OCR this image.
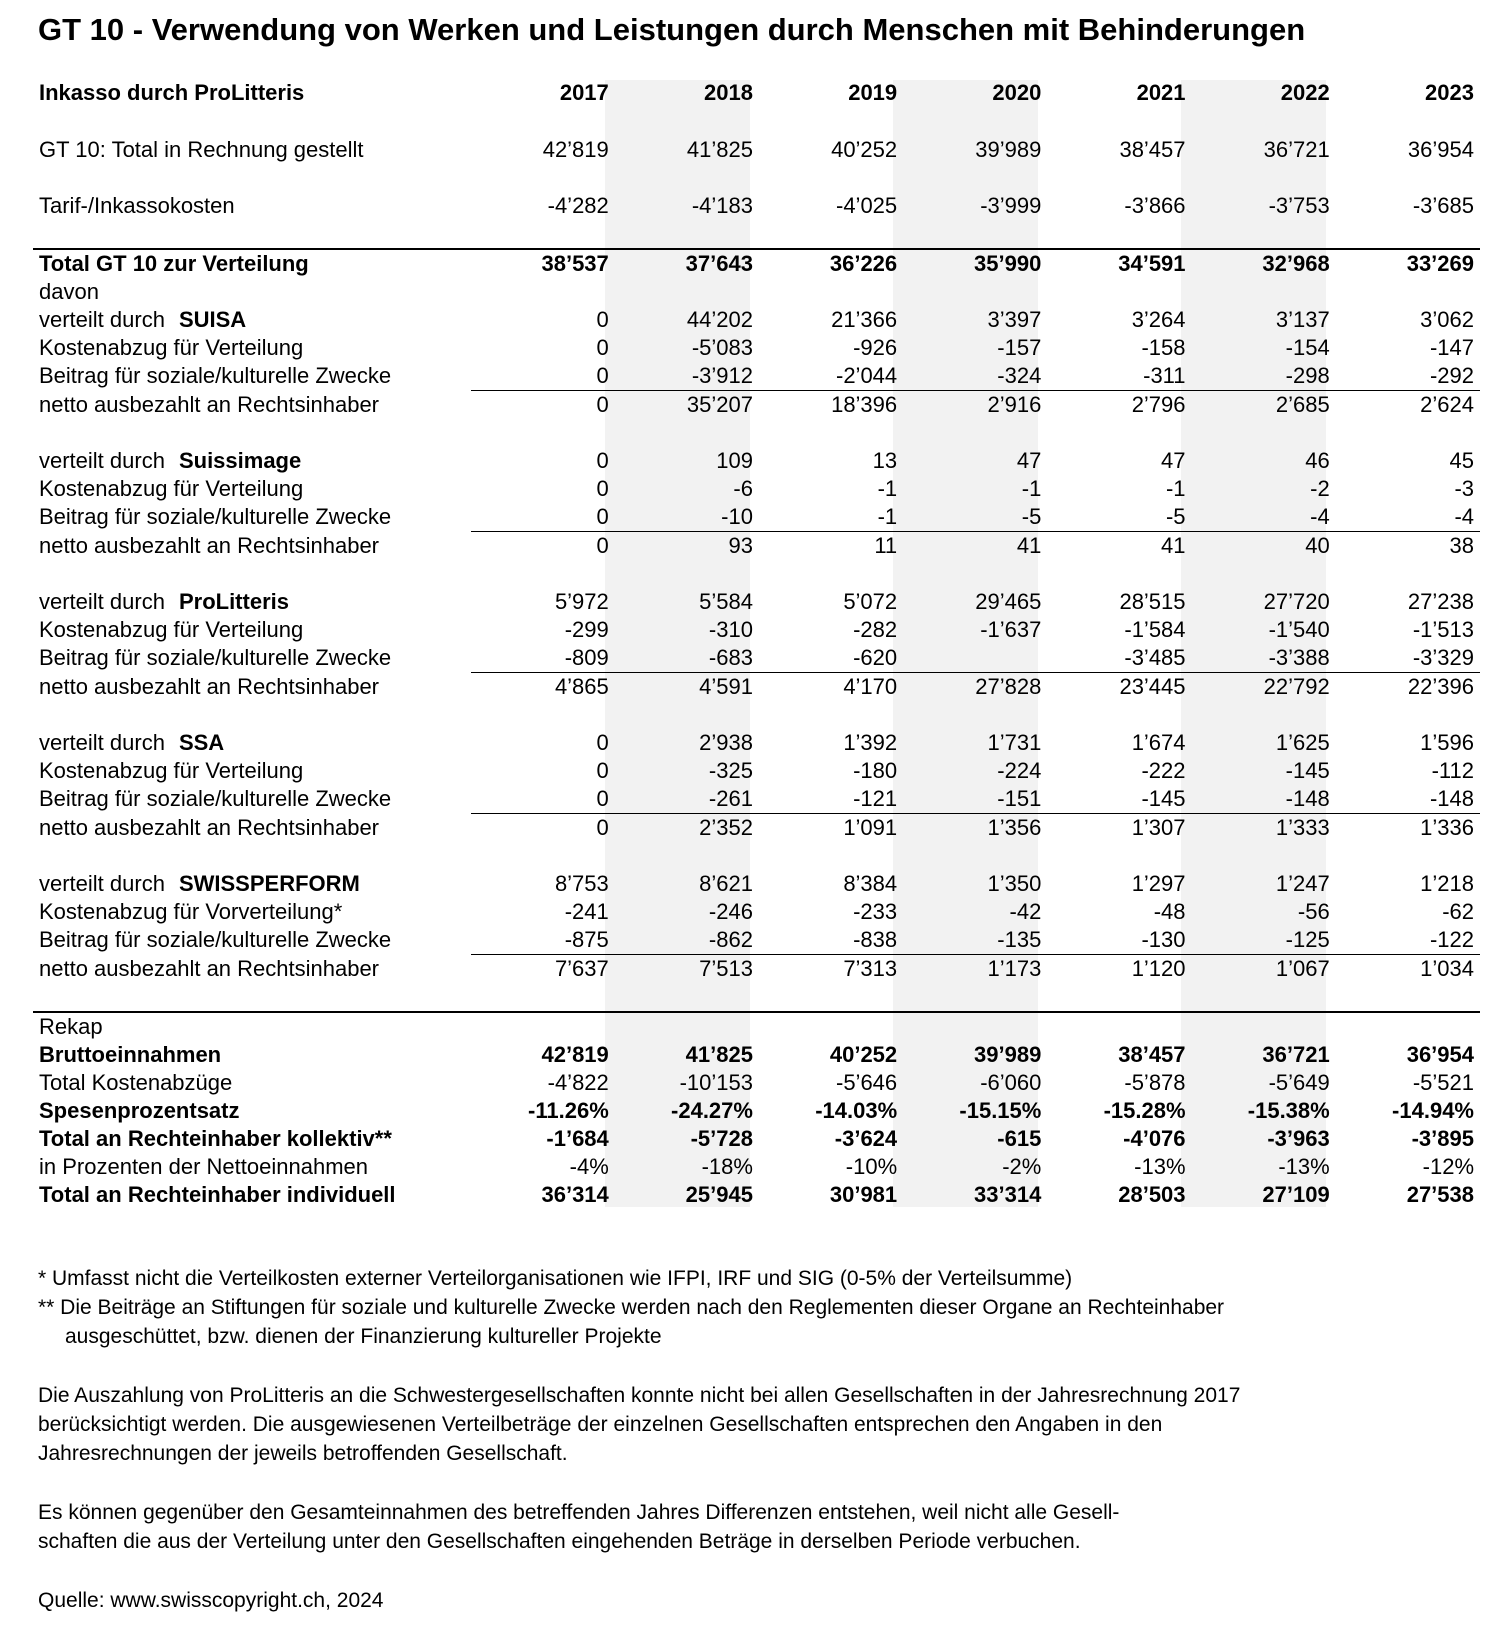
GT 10 - Verwendung von Werken und Leistungen durch Menschen mit Behinderungen
Inkasso durch ProLitteris	2017	2018	2019	2020	2021	2022	2023

GT 10: Total in Rechnung gestellt	42’819	41’825	40’252	39’989	38’457	36’721	36’954

Tarif-/Inkassokosten	-4’282	-4’183	-4’025	-3’999	-3’866	-3’753	-3’685

Total GT 10 zur Verteilung	38’537	37’643	36’226	35’990	34’591	32’968	33’269
davon							
verteilt durch SUISA	0	44’202	21’366	3’397	3’264	3’137	3’062
Kostenabzug für Verteilung	0	-5’083	-926	-157	-158	-154	-147
Beitrag für soziale/kulturelle Zwecke	0	-3’912	-2’044	-324	-311	-298	-292
netto ausbezahlt an Rechtsinhaber	0	35’207	18’396	2’916	2’796	2’685	2’624

verteilt durch Suissimage	0	109	13	47	47	46	45
Kostenabzug für Verteilung	0	-6	-1	-1	-1	-2	-3
Beitrag für soziale/kulturelle Zwecke	0	-10	-1	-5	-5	-4	-4
netto ausbezahlt an Rechtsinhaber	0	93	11	41	41	40	38

verteilt durch ProLitteris	5’972	5’584	5’072	29’465	28’515	27’720	27’238
Kostenabzug für Verteilung	-299	-310	-282	-1’637	-1’584	-1’540	-1’513
Beitrag für soziale/kulturelle Zwecke	-809	-683	-620		-3’485	-3’388	-3’329
netto ausbezahlt an Rechtsinhaber	4’865	4’591	4’170	27’828	23’445	22’792	22’396

verteilt durch SSA	0	2’938	1’392	1’731	1’674	1’625	1’596
Kostenabzug für Verteilung	0	-325	-180	-224	-222	-145	-112
Beitrag für soziale/kulturelle Zwecke	0	-261	-121	-151	-145	-148	-148
netto ausbezahlt an Rechtsinhaber	0	2’352	1’091	1’356	1’307	1’333	1’336

verteilt durch SWISSPERFORM	8’753	8’621	8’384	1’350	1’297	1’247	1’218
Kostenabzug für Vorverteilung*	-241	-246	-233	-42	-48	-56	-62
Beitrag für soziale/kulturelle Zwecke	-875	-862	-838	-135	-130	-125	-122
netto ausbezahlt an Rechtsinhaber	7’637	7’513	7’313	1’173	1’120	1’067	1’034

Rekap							
Bruttoeinnahmen	42’819	41’825	40’252	39’989	38’457	36’721	36’954
Total Kostenabzüge	-4’822	-10’153	-5’646	-6’060	-5’878	-5’649	-5’521
Spesenprozentsatz	-11.26%	-24.27%	-14.03%	-15.15%	-15.28%	-15.38%	-14.94%
Total an Rechteinhaber kollektiv**	-1’684	-5’728	-3’624	-615	-4’076	-3’963	-3’895
in Prozenten der Nettoeinnahmen	-4%	-18%	-10%	-2%	-13%	-13%	-12%
Total an Rechteinhaber individuell	36’314	25’945	30’981	33’314	28’503	27’109	27’538

* Umfasst nicht die Verteilkosten externer Verteilorganisationen wie IFPI, IRF und SIG (0-5% der Verteilsumme)

** Die Beiträge an Stiftungen für soziale und kulturelle Zwecke werden nach den Reglementen dieser Organe an Rechteinhaber

ausgeschüttet, bzw. dienen der Finanzierung kultureller Projekte

Die Auszahlung von ProLitteris an die Schwestergesellschaften konnte nicht bei allen Gesellschaften in der Jahresrechnung 2017

berücksichtigt werden. Die ausgewiesenen Verteilbeträge der einzelnen Gesellschaften entsprechen den Angaben in den

Jahresrechnungen der jeweils betroffenden Gesellschaft.

Es können gegenüber den Gesamteinnahmen des betreffenden Jahres Differenzen entstehen, weil nicht alle Gesell-

schaften die aus der Verteilung unter den Gesellschaften eingehenden Beträge in derselben Periode verbuchen.

Quelle: www.swisscopyright.ch, 2024
